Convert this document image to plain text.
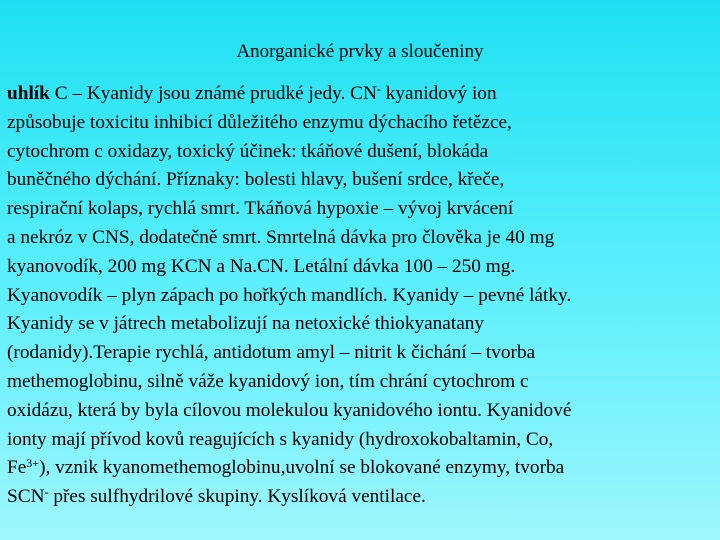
Anorganické prvky a sloučeniny
uhlík C – Kyanidy jsou známé prudké jedy. CN- kyanidový ion
způsobuje toxicitu inhibicí důležitého enzymu dýchacího řetězce,
cytochrom c oxidazy, toxický účinek: tkáňové dušení, blokáda
buněčného dýchání. Příznaky: bolesti hlavy, bušení srdce, křeče,
respirační kolaps, rychlá smrt. Tkáňová hypoxie – vývoj krvácení
a nekróz v CNS, dodatečně smrt. Smrtelná dávka pro člověka je 40 mg
kyanovodík, 200 mg KCN a Na.CN. Letální dávka 100 – 250 mg.
Kyanovodík – plyn zápach po hořkých mandlích. Kyanidy – pevné látky.
Kyanidy se v játrech metabolizují na netoxické thiokyanatany
(rodanidy).Terapie rychlá, antidotum amyl – nitrit k čichání – tvorba
methemoglobinu, silně váže kyanidový ion, tím chrání cytochrom c
oxidázu, která by byla cílovou molekulou kyanidového iontu. Kyanidové
ionty mají přívod kovů reagujících s kyanidy (hydroxokobaltamin, Co,
$Fe^{3+}$), vznik kyanomethemoglobinu,uvolní se blokované enzymy, tvorba
SCN- přes sulfhydrilové skupiny. Kyslíková ventilace.
